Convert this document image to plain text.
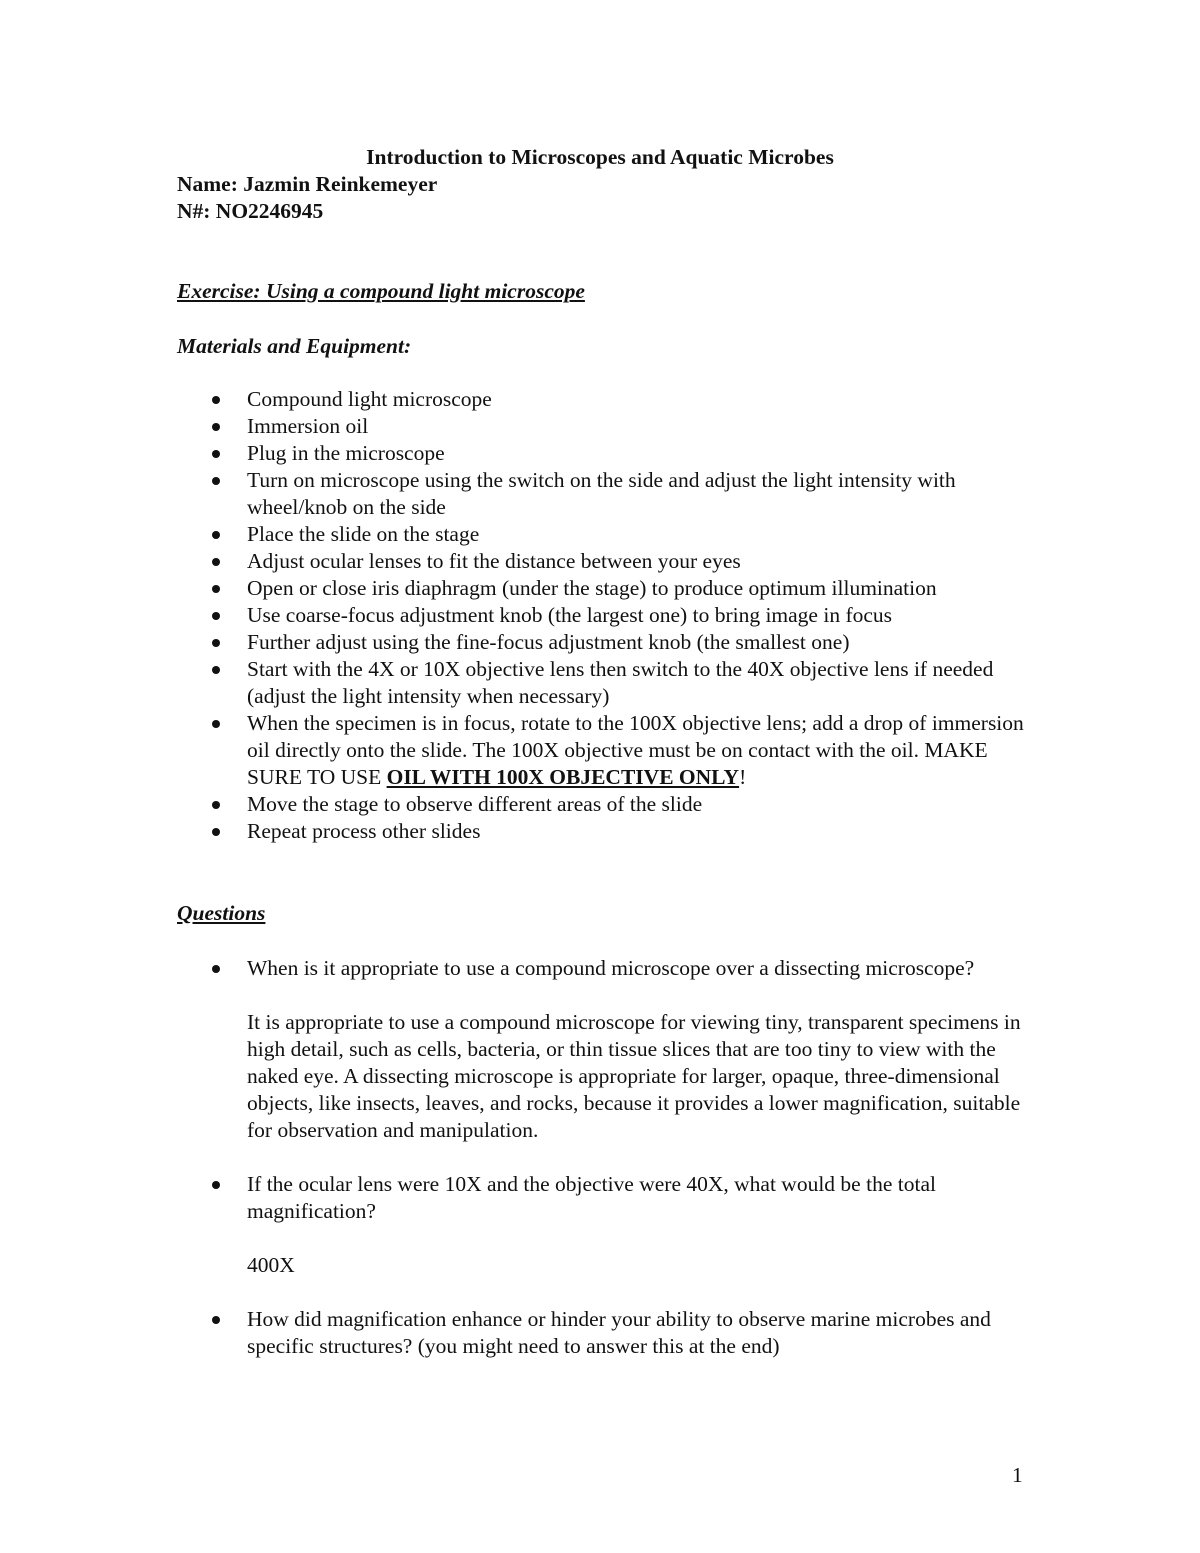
Introduction to Microscopes and Aquatic Microbes
Name: Jazmin Reinkemeyer
N#: NO2246945
Exercise: Using a compound light microscope
Materials and Equipment:
Compound light microscope
Immersion oil
Plug in the microscope
Turn on microscope using the switch on the side and adjust the light intensity with wheel/knob on the side
Place the slide on the stage
Adjust ocular lenses to fit the distance between your eyes
Open or close iris diaphragm (under the stage) to produce optimum illumination
Use coarse-focus adjustment knob (the largest one) to bring image in focus
Further adjust using the fine-focus adjustment knob (the smallest one)
Start with the 4X or 10X objective lens then switch to the 40X objective lens if needed (adjust the light intensity when necessary)
When the specimen is in focus, rotate to the 100X objective lens; add a drop of immersion oil directly onto the slide. The 100X objective must be on contact with the oil. MAKE SURE TO USE OIL WITH 100X OBJECTIVE ONLY!
Move the stage to observe different areas of the slide
Repeat process other slides
Questions
When is it appropriate to use a compound microscope over a dissecting microscope?
It is appropriate to use a compound microscope for viewing tiny, transparent specimens in high detail, such as cells, bacteria, or thin tissue slices that are too tiny to view with the naked eye. A dissecting microscope is appropriate for larger, opaque, three-dimensional objects, like insects, leaves, and rocks, because it provides a lower magnification, suitable for observation and manipulation.
If the ocular lens were 10X and the objective were 40X, what would be the total magnification?
400X
How did magnification enhance or hinder your ability to observe marine microbes and specific structures? (you might need to answer this at the end)
1
